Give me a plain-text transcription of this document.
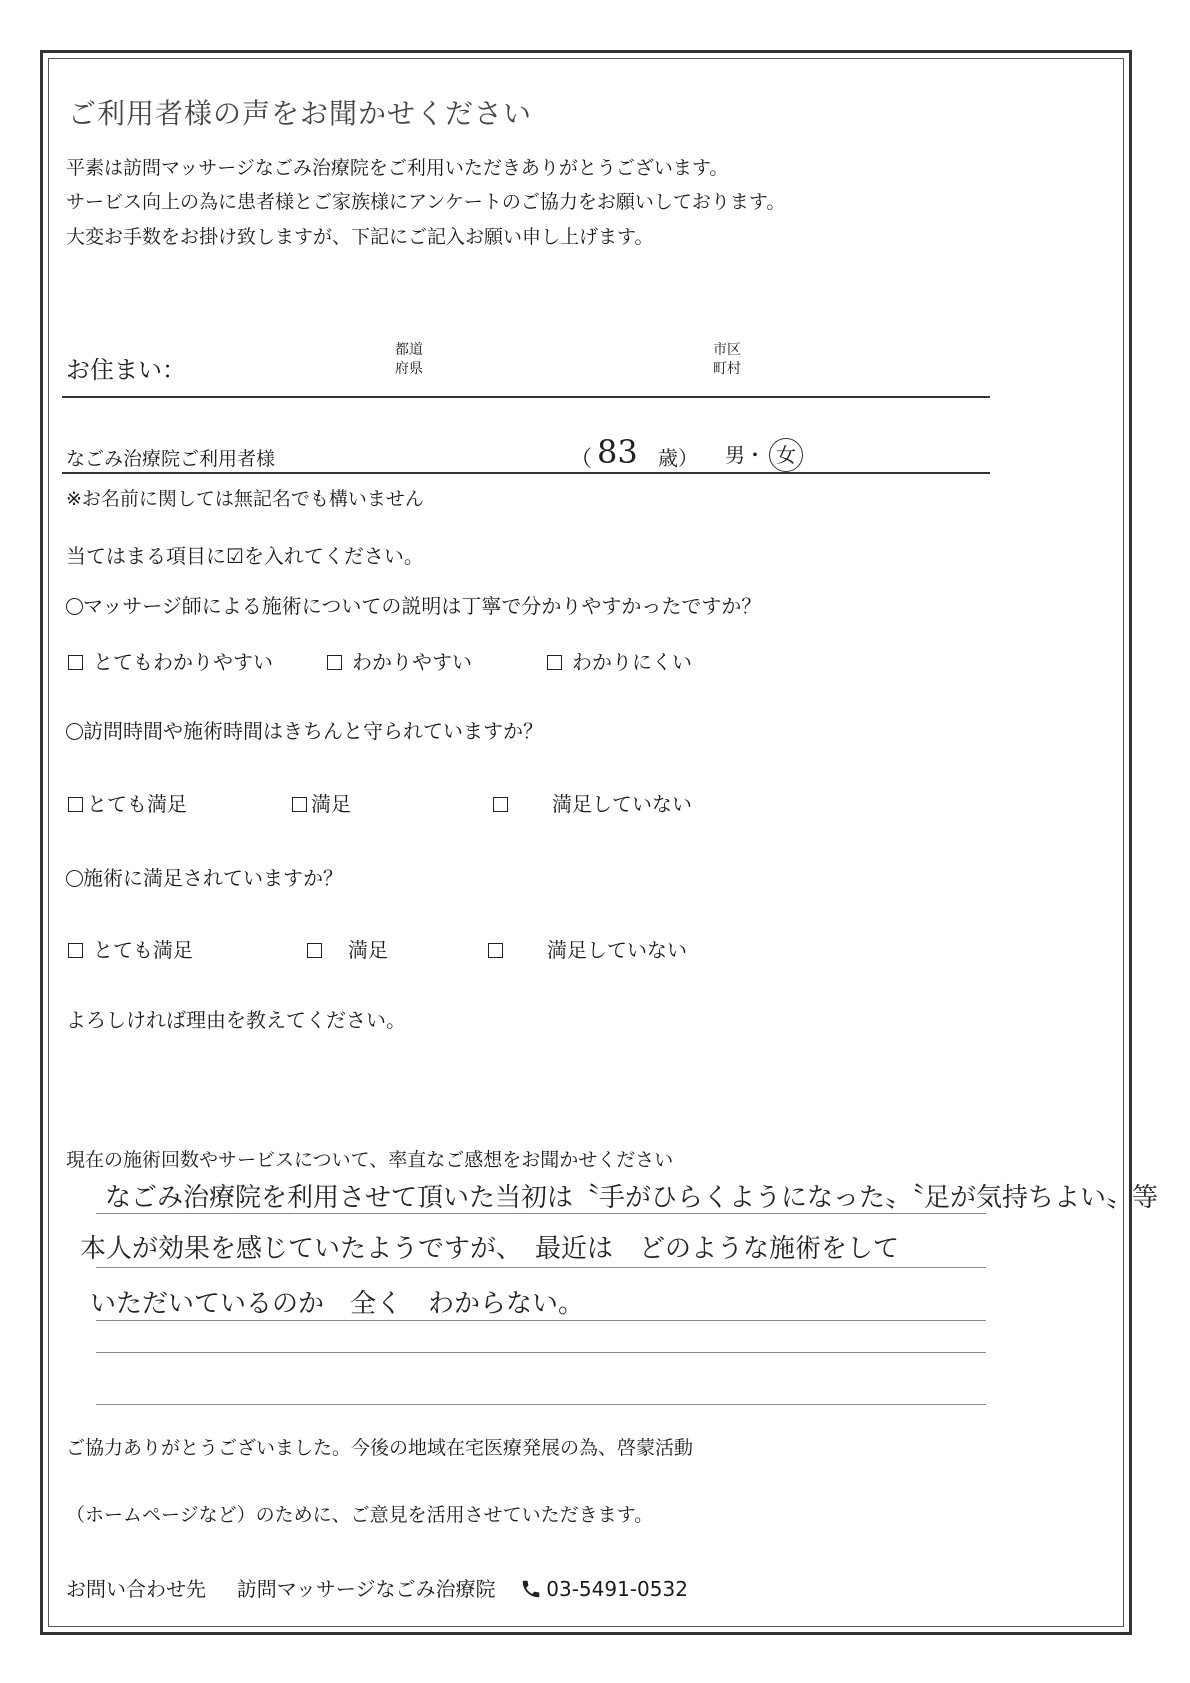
ご利用者様の声をお聞かせください
平素は訪問マッサージなごみ治療院をご利用いただきありがとうございます。
サービス向上の為に患者様とご家族様にアンケートのご協力をお願いしております。
大変お手数をお掛け致しますが、下記にご記入お願い申し上げます。
お住まい：
都道
府県
市区
町村
なごみ治療院ご利用者様	（ 83 歳） 男・ 女
※お名前に関しては無記名でも構いません
当てはまる項目に☑を入れてください。
マッサージ師による施術についての説明は丁寧で分かりやすかったですか？
とてもわかりやすい	わかりやすい	わかりにくい
訪問時間や施術時間はきちんと守られていますか？
とても満足	満足	満足していない
施術に満足されていますか？
とても満足	満足	満足していない
よろしければ理由を教えてください。
現在の施術回数やサービスについて、率直なご感想をお聞かせください
なごみ治療院を利用させて頂いた当初は〝手がひらくようになった〟〝足が気持ちよい〟等
本人が効果を感じていたようですが、　最近は　どのような施術をして
いただいているのか　全く　わからない。
ご協力ありがとうございました。今後の地域在宅医療発展の為、啓蒙活動
（ホームページなど）のために、ご意見を活用させていただきます。
お問い合わせ先 訪問マッサージなごみ治療院	03-5491-0532
